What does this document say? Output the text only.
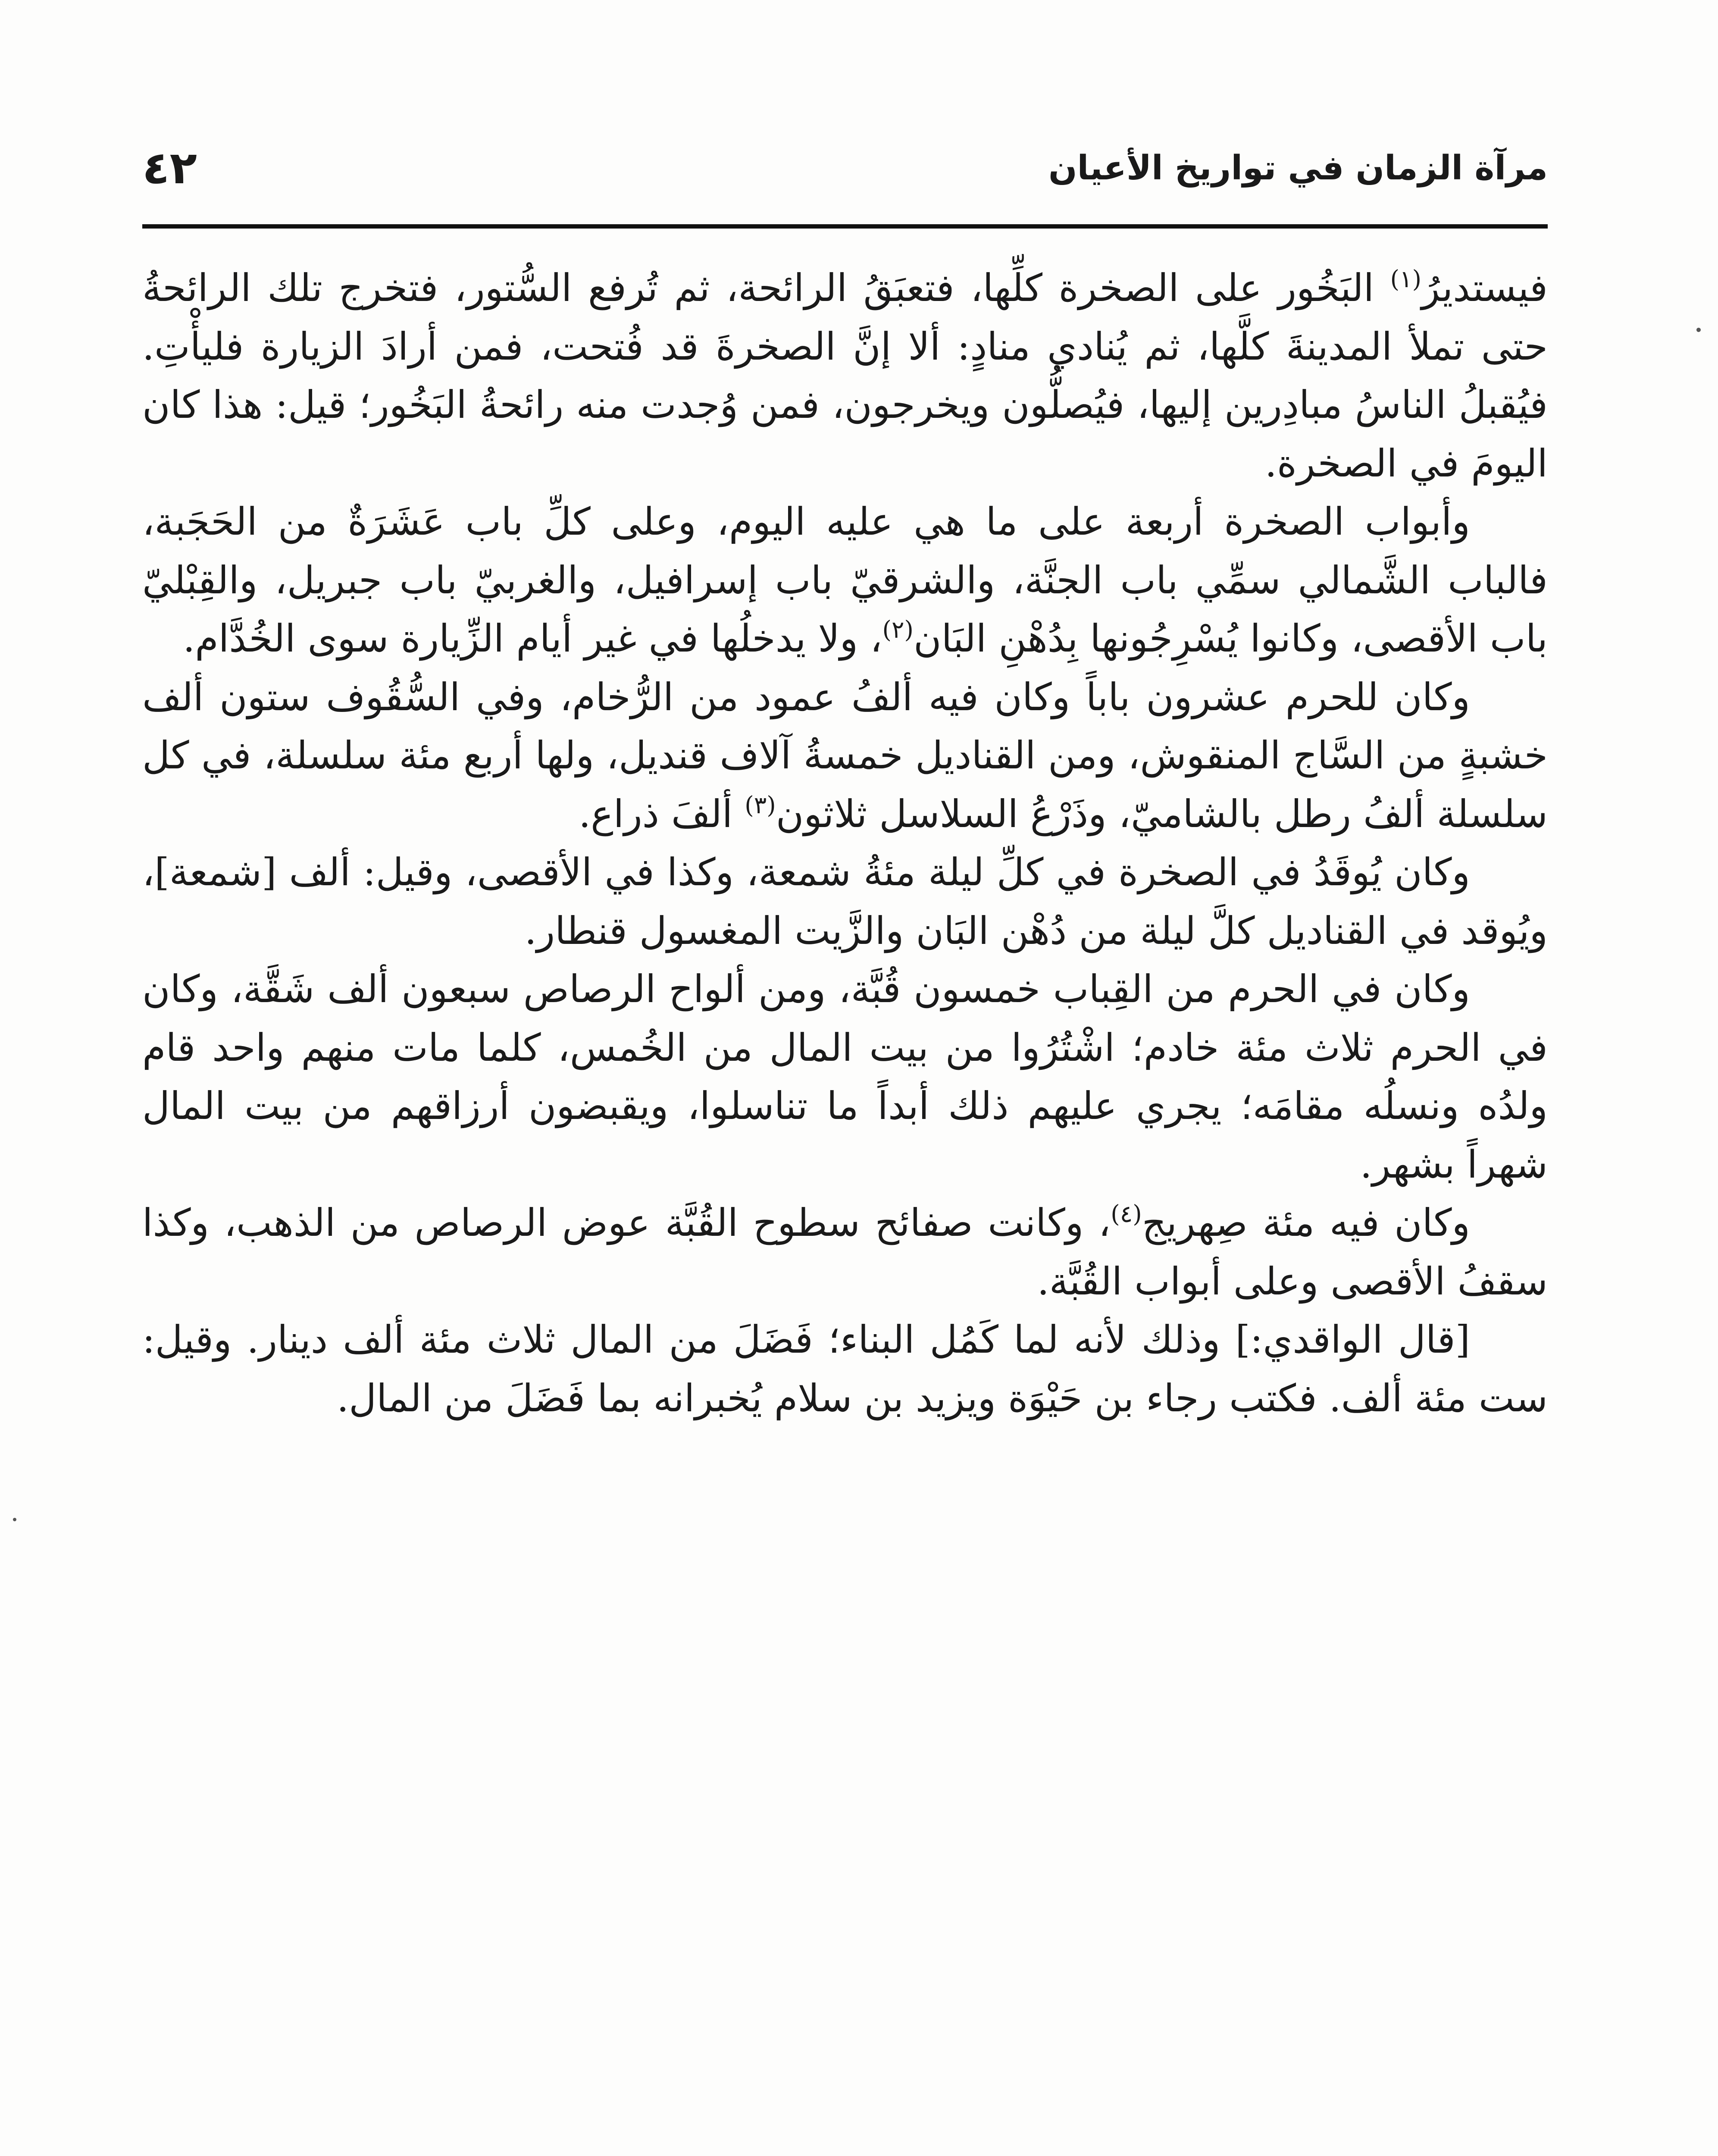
مرآة الزمان في تواريخ الأعيان
٤٢

فيستديرُ$^{(١)}$ البَخُور على الصخرة كلِّها، فتعبَقُ الرائحة، ثم تُرفع السُّتور، فتخرج تلك الرائحةُ حتى تملأ المدينةَ كلَّها، ثم يُنادي منادٍ: ألا إنَّ الصخرةَ قد فُتحت، فمن أرادَ الزيارة فليأْتِ. فيُقبلُ الناسُ مبادِرين إليها، فيُصلُّون ويخرجون، فمن وُجدت منه رائحةُ البَخُور؛ قيل: هذا كان اليومَ في الصخرة.

وأبواب الصخرة أربعة على ما هي عليه اليوم، وعلى كلِّ باب عَشَرَةٌ من الحَجَبة، فالباب الشَّمالي سمِّي باب الجنَّة، والشرقيّ باب إسرافيل، والغربيّ باب جبريل، والقِبْليّ باب الأقصى، وكانوا يُسْرِجُونها بِدُهْنِ البَان$^{(٢)}$، ولا يدخلُها في غير أيام الزِّيارة سوى الخُدَّام.

وكان للحرم عشرون باباً وكان فيه ألفُ عمود من الرُّخام، وفي السُّقُوف ستون ألف خشبةٍ من السَّاج المنقوش، ومن القناديل خمسةُ آلاف قنديل، ولها أربع مئة سلسلة، في كل سلسلة ألفُ رطل بالشاميّ، وذَرْعُ السلاسل ثلاثون$^{(٣)}$ ألفَ ذراع.

وكان يُوقَدُ في الصخرة في كلِّ ليلة مئةُ شمعة، وكذا في الأقصى، وقيل: ألف [شمعة]، ويُوقد في القناديل كلَّ ليلة من دُهْن البَان والزَّيت المغسول قنطار.

وكان في الحرم من القِباب خمسون قُبَّة، ومن ألواح الرصاص سبعون ألف شَقَّة، وكان في الحرم ثلاث مئة خادم؛ اشْتُرُوا من بيت المال من الخُمس، كلما مات منهم واحد قام ولدُه ونسلُه مقامَه؛ يجري عليهم ذلك أبداً ما تناسلوا، ويقبضون أرزاقهم من بيت المال شهراً بشهر.

وكان فيه مئة صِهريج$^{(٤)}$، وكانت صفائح سطوح القُبَّة عوض الرصاص من الذهب، وكذا سقفُ الأقصى وعلى أبواب القُبَّة.

[قال الواقدي:] وذلك لأنه لما كَمُل البناء؛ فَضَلَ من المال ثلاث مئة ألف دينار. وقيل: ست مئة ألف. فكتب رجاء بن حَيْوَة ويزيد بن سلام يُخبرانه بما فَضَلَ من المال.
